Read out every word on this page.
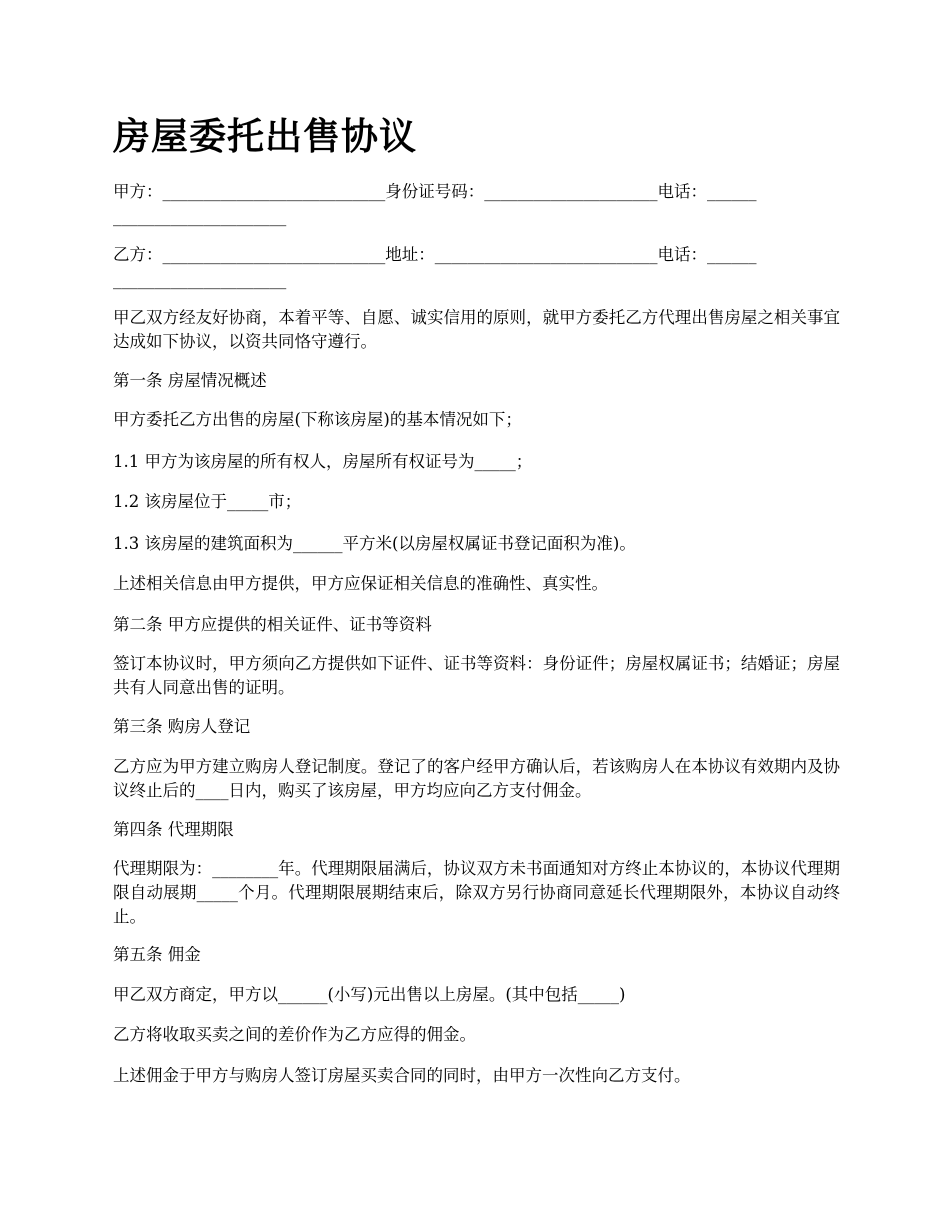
房屋委托出售协议

甲方：___________________________身份证号码：_____________________电话：______

_____________________

乙方：___________________________地址：___________________________电话：______

_____________________

甲乙双方经友好协商，本着平等、自愿、诚实信用的原则，就甲方委托乙方代理出售房屋之相关事宜达成如下协议，以资共同恪守遵行。

第一条 房屋情况概述

甲方委托乙方出售的房屋(下称该房屋)的基本情况如下；

1.1 甲方为该房屋的所有权人，房屋所有权证号为_____；

1.2 该房屋位于_____市；

1.3 该房屋的建筑面积为______平方米(以房屋权属证书登记面积为准)。

上述相关信息由甲方提供，甲方应保证相关信息的准确性、真实性。

第二条 甲方应提供的相关证件、证书等资料

签订本协议时，甲方须向乙方提供如下证件、证书等资料：身份证件；房屋权属证书；结婚证；房屋共有人同意出售的证明。

第三条 购房人登记

乙方应为甲方建立购房人登记制度。登记了的客户经甲方确认后，若该购房人在本协议有效期内及协议终止后的____日内，购买了该房屋，甲方均应向乙方支付佣金。

第四条 代理期限

代理期限为：________年。代理期限届满后，协议双方未书面通知对方终止本协议的，本协议代理期限自动展期_____个月。代理期限展期结束后，除双方另行协商同意延长代理期限外，本协议自动终止。

第五条 佣金

甲乙双方商定，甲方以______(小写)元出售以上房屋。(其中包括_____)

乙方将收取买卖之间的差价作为乙方应得的佣金。

上述佣金于甲方与购房人签订房屋买卖合同的同时，由甲方一次性向乙方支付。
